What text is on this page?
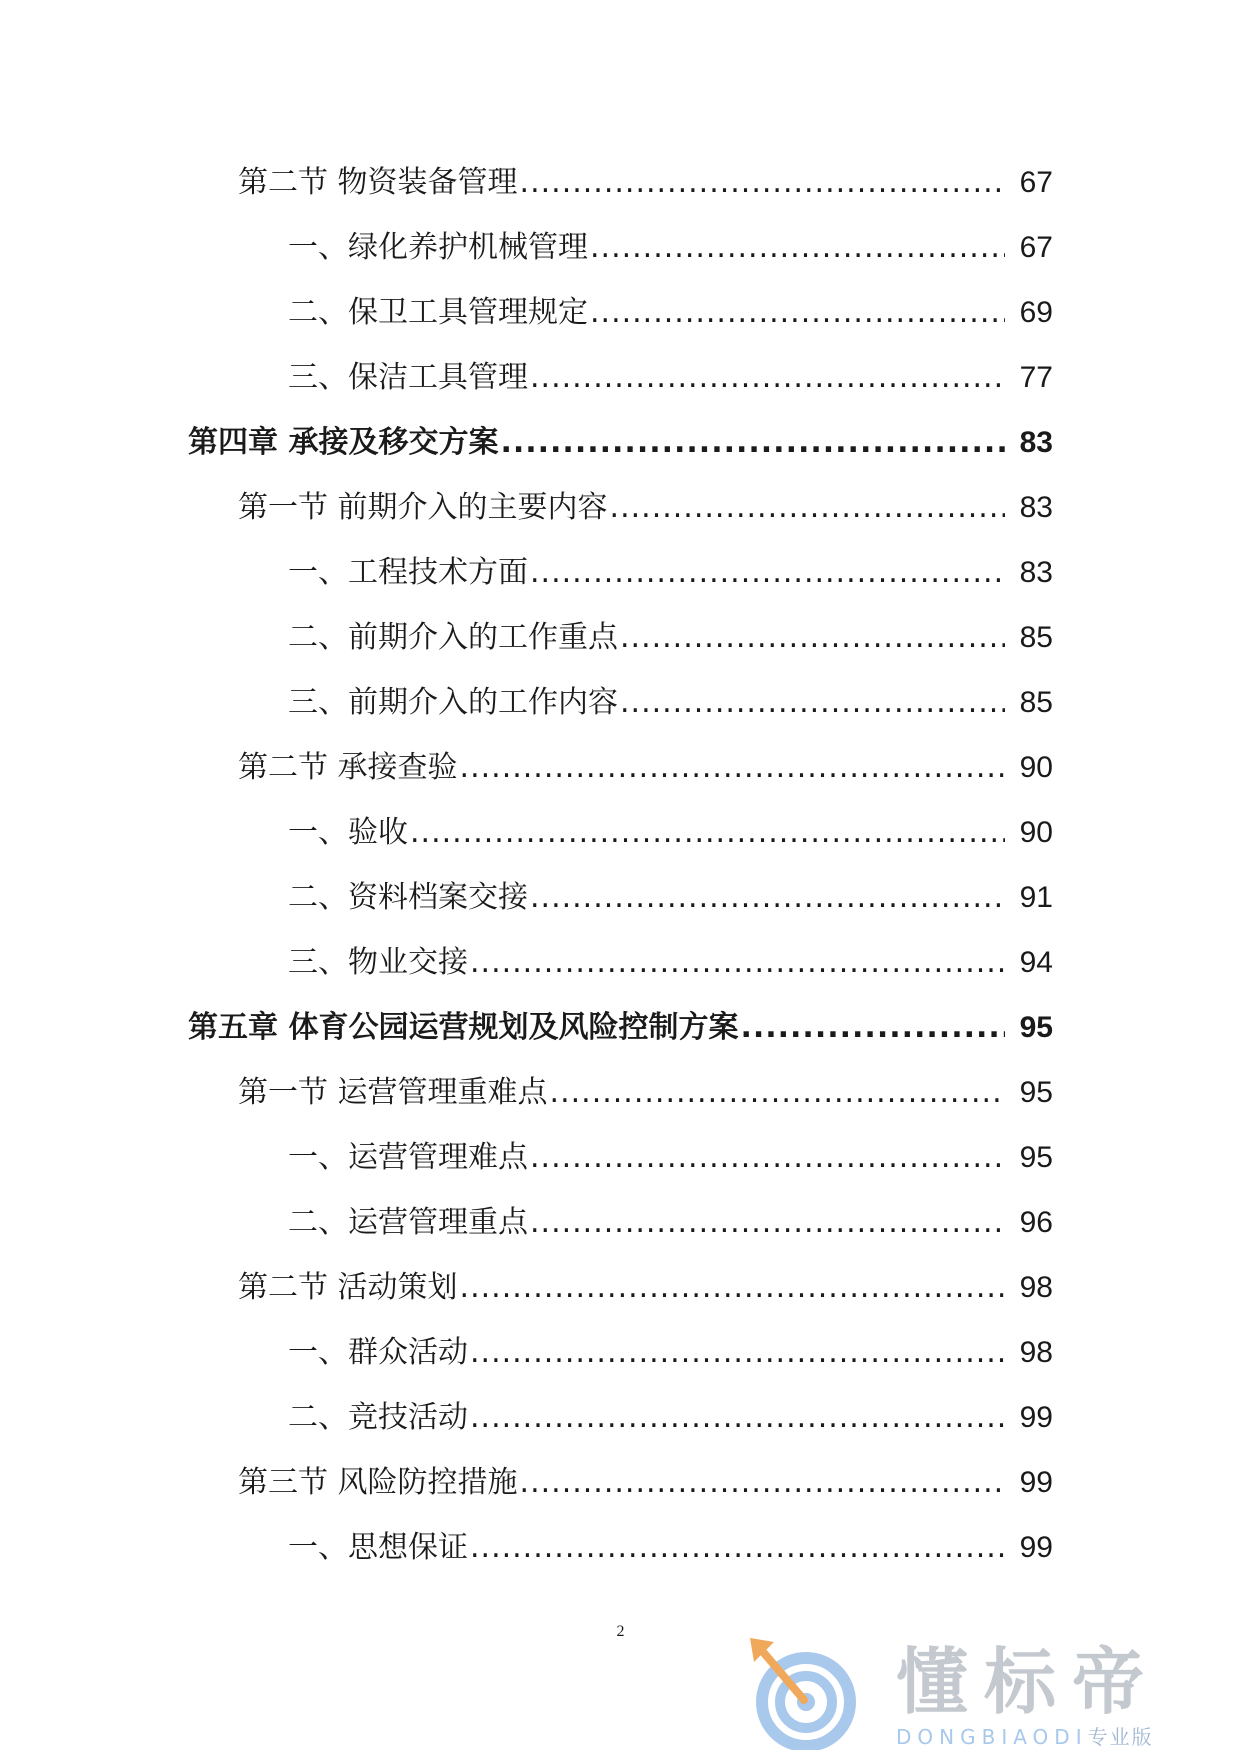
第二节 物资装备管理 .....	67
一、绿化养护机械管理 .....	67
二、保卫工具管理规定 .....	69
三、保洁工具管理 .....	77
第四章 承接及移交方案 .....	83
第一节 前期介入的主要内容 .....	83
一、工程技术方面 .....	83
二、前期介入的工作重点 .....	85
三、前期介入的工作内容 .....	85
第二节 承接查验 .....	90
一、验收 .....	90
二、资料档案交接 .....	91
三、物业交接 .....	94
第五章 体育公园运营规划及风险控制方案 .....	95
第一节 运营管理重难点 .....	95
一、运营管理难点 .....	95
二、运营管理重点 .....	96
第二节 活动策划 .....	98
一、群众活动 .....	98
二、竞技活动 .....	99
第三节 风险防控措施 .....	99
一、思想保证 .....	99
2
懂标帝
DONGBIAODI专业版
